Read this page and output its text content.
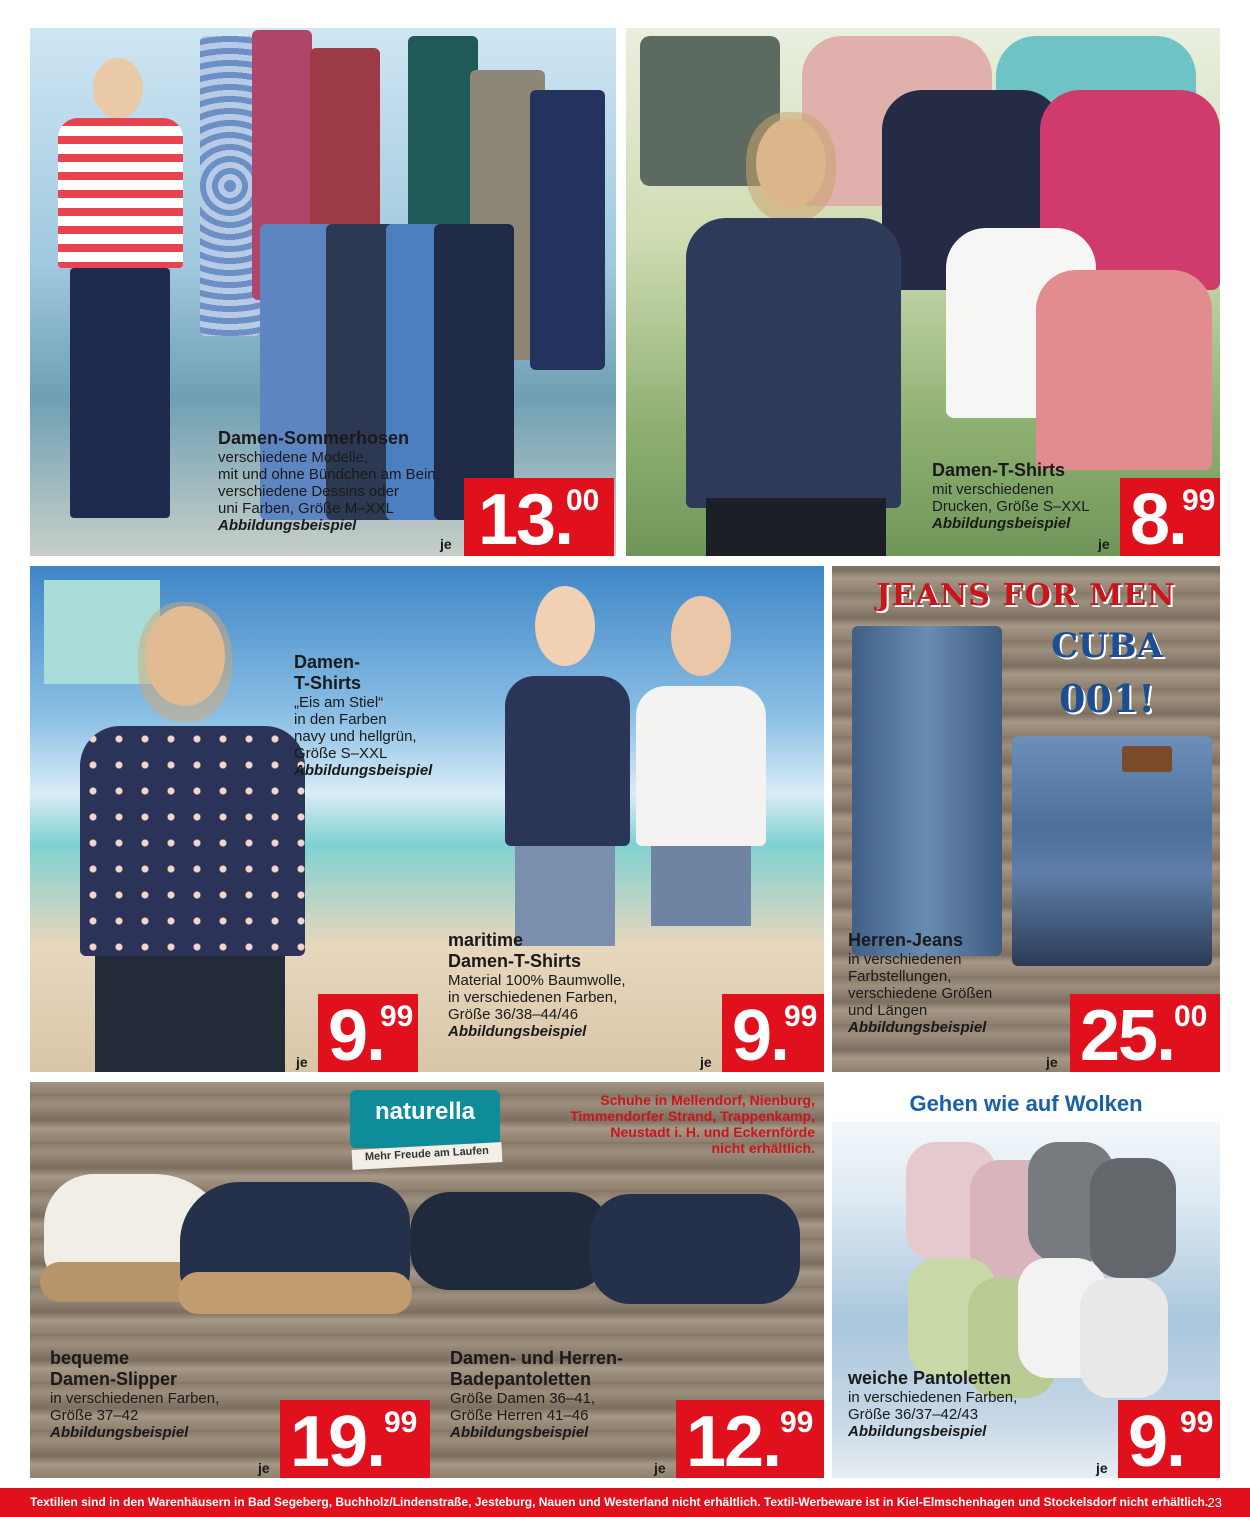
Damen-Sommerhosen
verschiedene Modelle,
mit und ohne Bündchen am Bein,
verschiedene Dessins oder
uni Farben, Größe M–XXL
Abbildungsbeispiel
je 13.
00
Damen-T-Shirts
mit verschiedenen
Drucken, Größe S–XXL
Abbildungsbeispiel
je 8.
99
Damen-
T-Shirts
„Eis am Stiel“
in den Farben
navy und hellgrün,
Größe S–XXL
Abbildungsbeispiel
je 9.
99
maritime
Damen-T-Shirts
Material 100% Baumwolle,
in verschiedenen Farben,
Größe 36/38–44/46
Abbildungsbeispiel
je 9.
99
JEANS FOR MEN
CUBA
001!
Herren-Jeans
in verschiedenen
Farbstellungen,
verschiedene Größen
und Längen
Abbildungsbeispiel
je 25. 00
naturella
Mehr Freude am Laufen
Schuhe in Mellendorf, Nienburg,
Timmendorfer Strand, Trappenkamp,
Neustadt i. H. und Eckernförde
nicht erhältlich.
bequeme
Damen-Slipper
in verschiedenen Farben,
Größe 37–42
Abbildungsbeispiel
je 19. 99
Damen- und Herren-
Badepantoletten
Größe Damen 36–41,
Größe Herren 41–46
Abbildungsbeispiel
je 12. 99
Gehen wie auf Wolken
weiche Pantoletten
in verschiedenen Farben,
Größe 36/37–42/43
Abbildungsbeispiel
je 9.
99
Textilien sind in den Warenhäusern in Bad Segeberg, Buchholz/Lindenstraße, Jesteburg, Nauen und Westerland nicht erhältlich. Textil-Werbeware ist in Kiel-Elmschenhagen und Stockelsdorf nicht erhältlich. 23
